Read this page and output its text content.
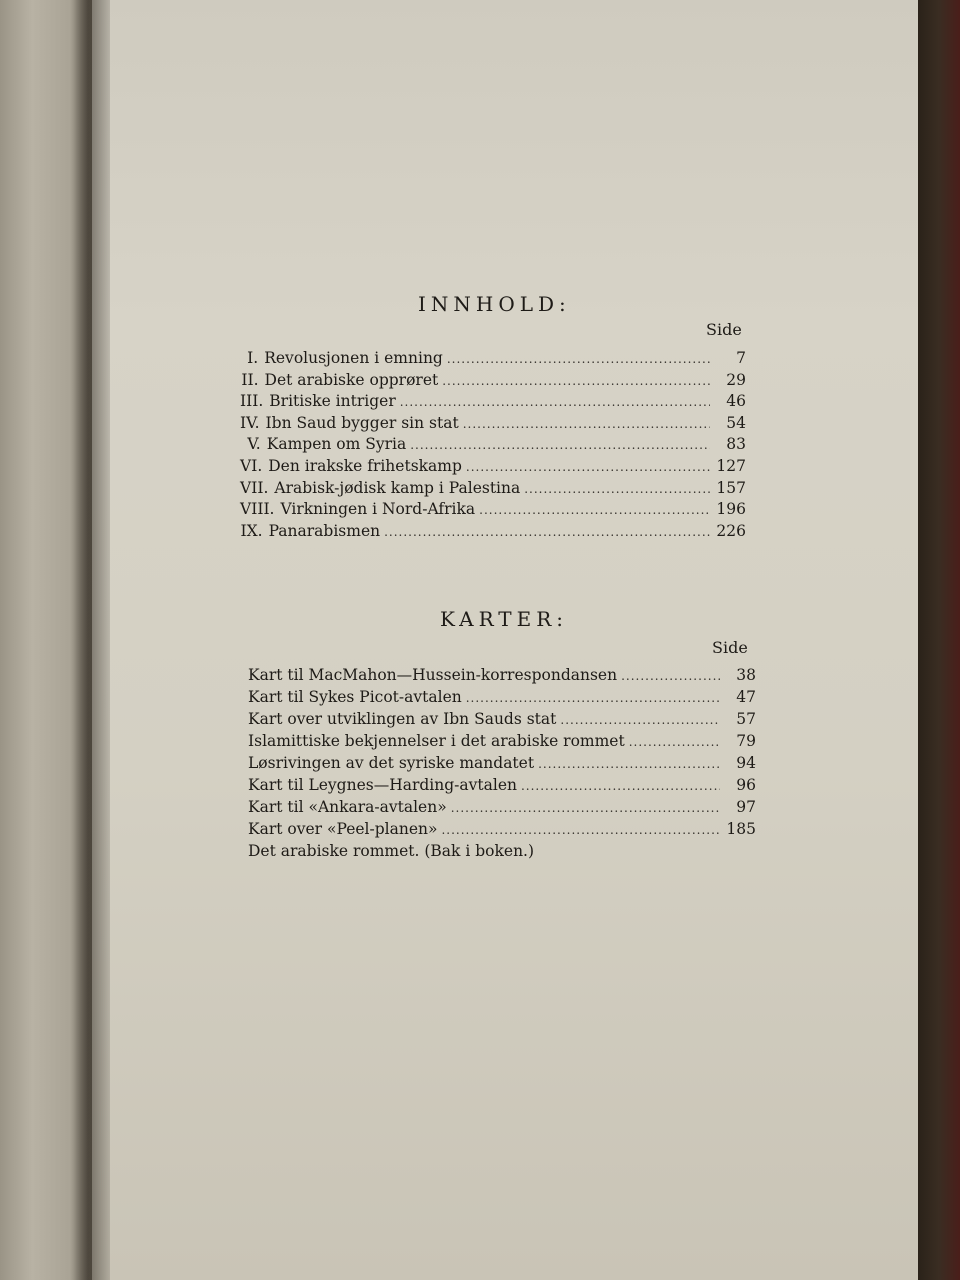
INNHOLD:
Side
I. Revolusjonen i emning .....	7
II. Det arabiske opprøret .....	29
III. Britiske intriger .....	46
IV. Ibn Saud bygger sin stat .....	54
V. Kampen om Syria .....	83
VI. Den irakske frihetskamp .....	127
VII. Arabisk-jødisk kamp i Palestina .....	157
VIII. Virkningen i Nord-Afrika .....	196
IX. Panarabismen .....	226
KARTER:
Side
Kart til MacMahon—Hussein-korrespondansen .....	38
Kart til Sykes Picot-avtalen .....	47
Kart over utviklingen av Ibn Sauds stat .....	57
Islamittiske bekjennelser i det arabiske rommet .....	79
Løsrivingen av det syriske mandatet .....	94
Kart til Leygnes—Harding-avtalen .....	96
Kart til «Ankara-avtalen» .....	97
Kart over «Peel-planen» .....	185
Det arabiske rommet. (Bak i boken.)
